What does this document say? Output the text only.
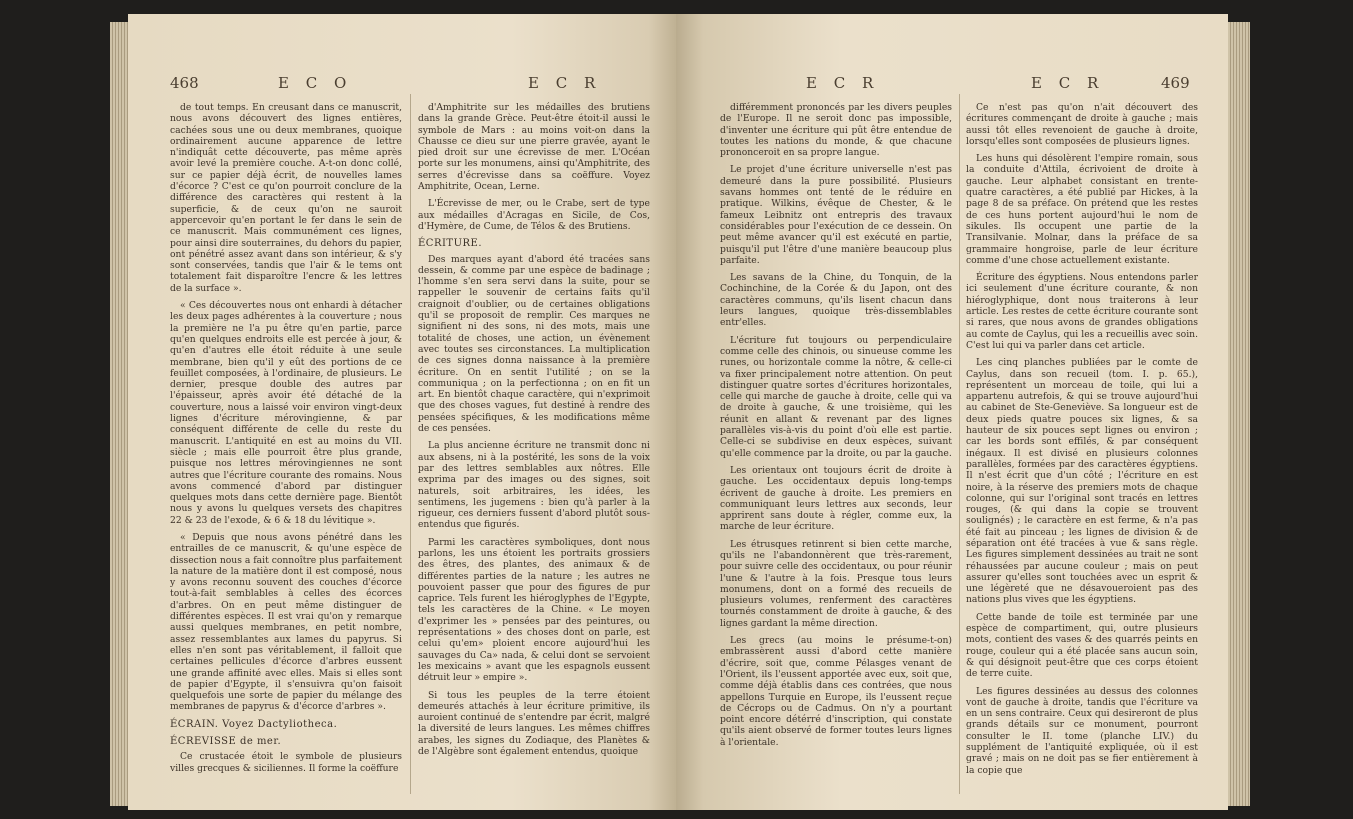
468	E C O	E C R

de tout temps. En creusant dans ce manuscrit, nous avons découvert des lignes entières, cachées sous une ou deux membranes, quoique ordinairement aucune apparence de lettre n'indiquât cette découverte, pas même après avoir levé la première couche. A-t-on donc collé, sur ce papier déjà écrit, de nouvelles lames d'écorce ? C'est ce qu'on pourroit conclure de la différence des caractères qui restent à la superficie, & de ceux qu'on ne sauroit appercevoir qu'en portant le fer dans le sein de ce manuscrit. Mais communément ces lignes, pour ainsi dire souterraines, du dehors du papier, ont pénétré assez avant dans son intérieur, & s'y sont conservées, tandis que l'air & le tems ont totalement fait disparoître l'encre & les lettres de la surface ».

« Ces découvertes nous ont enhardi à détacher les deux pages adhérentes à la couverture ; nous la première ne l'a pu être qu'en partie, parce qu'en quelques endroits elle est percée à jour, & qu'en d'autres elle étoit réduite à une seule membrane, bien qu'il y eût des portions de ce feuillet composées, à l'ordinaire, de plusieurs. Le dernier, presque double des autres par l'épaisseur, après avoir été détaché de la couverture, nous a laissé voir environ vingt-deux lignes d'écriture mérovingienne, & par conséquent différente de celle du reste du manuscrit. L'antiquité en est au moins du VII. siècle ; mais elle pourroit être plus grande, puisque nos lettres mérovingiennes ne sont autres que l'écriture courante des romains. Nous avons commencé d'abord par distinguer quelques mots dans cette dernière page. Bientôt nous y avons lu quelques versets des chapitres 22 & 23 de l'exode, & 6 & 18 du lévitique ».

« Depuis que nous avons pénétré dans les entrailles de ce manuscrit, & qu'une espèce de dissection nous a fait connoître plus parfaitement la nature de la matière dont il est composé, nous y avons reconnu souvent des couches d'écorce tout-à-fait semblables à celles des écorces d'arbres. On en peut même distinguer de différentes espèces. Il est vrai qu'on y remarque aussi quelques membranes, en petit nombre, assez ressemblantes aux lames du papyrus. Si elles n'en sont pas véritablement, il falloit que certaines pellicules d'écorce d'arbres eussent une grande affinité avec elles. Mais si elles sont de papier d'Egypte, il s'ensuivra qu'on faisoit quelquefois une sorte de papier du mélange des membranes de papyrus & d'écorce d'arbres ».

ÉCRAIN. Voyez Dactyliotheca.

ÉCREVISSE de mer.

Ce crustacée étoit le symbole de plusieurs villes grecques & siciliennes. Il forme la coëffure

d'Amphitrite sur les médailles des brutiens dans la grande Grèce. Peut-être étoit-il aussi le symbole de Mars : au moins voit-on dans la Chausse ce dieu sur une pierre gravée, ayant le pied droit sur une écrevisse de mer. L'Océan porte sur les monumens, ainsi qu'Amphitrite, des serres d'écrevisse dans sa coëffure. Voyez Amphitrite, Ocean, Lerne.

L'Écrevisse de mer, ou le Crabe, sert de type aux médailles d'Acragas en Sicile, de Cos, d'Hymère, de Cume, de Télos & des Brutiens.

ÉCRITURE.

Des marques ayant d'abord été tracées sans dessein, & comme par une espèce de badinage ; l'homme s'en sera servi dans la suite, pour se rappeller le souvenir de certains faits qu'il craignoit d'oublier, ou de certaines obligations qu'il se proposoit de remplir. Ces marques ne signifient ni des sons, ni des mots, mais une totalité de choses, une action, un évènement avec toutes ses circonstances. La multiplication de ces signes donna naissance à la première écriture. On en sentit l'utilité ; on se la communiqua ; on la perfectionna ; on en fit un art. En bientôt chaque caractère, qui n'exprimoit que des choses vagues, fut destiné à rendre des pensées spécifiques, & les modifications même de ces pensées.

La plus ancienne écriture ne transmit donc ni aux absens, ni à la postérité, les sons de la voix par des lettres semblables aux nôtres. Elle exprima par des images ou des signes, soit naturels, soit arbitraires, les idées, les sentimens, les jugemens : bien qu'à parler à la rigueur, ces derniers fussent d'abord plutôt sous-entendus que figurés.

Parmi les caractères symboliques, dont nous parlons, les uns étoient les portraits grossiers des êtres, des plantes, des animaux & de différentes parties de la nature ; les autres ne pouvoient passer que pour des figures de pur caprice. Tels furent les hiéroglyphes de l'Egypte, tels les caractères de la Chine. « Le moyen d'exprimer les » pensées par des peintures, ou représentations » des choses dont on parle, est celui qu'em» ploient encore aujourd'hui les sauvages du Ca» nada, & celui dont se servoient les mexicains » avant que les espagnols eussent détruit leur » empire ».

Si tous les peuples de la terre étoient demeurés attachés à leur écriture primitive, ils auroient continué de s'entendre par écrit, malgré la diversité de leurs langues. Les mêmes chiffres arabes, les signes du Zodiaque, des Planètes & de l'Algèbre sont également entendus, quoique

E C R	E C R	469

différemment prononcés par les divers peuples de l'Europe. Il ne seroit donc pas impossible, d'inventer une écriture qui pût être entendue de toutes les nations du monde, & que chacune prononceroit en sa propre langue.

Le projet d'une écriture universelle n'est pas demeuré dans la pure possibilité. Plusieurs savans hommes ont tenté de le réduire en pratique. Wilkins, évêque de Chester, & le fameux Leibnitz ont entrepris des travaux considérables pour l'exécution de ce dessein. On peut même avancer qu'il est exécuté en partie, puisqu'il put l'être d'une manière beaucoup plus parfaite.

Les savans de la Chine, du Tonquin, de la Cochinchine, de la Corée & du Japon, ont des caractères communs, qu'ils lisent chacun dans leurs langues, quoique très-dissemblables entr'elles.

L'écriture fut toujours ou perpendiculaire comme celle des chinois, ou sinueuse comme les runes, ou horizontale comme la nôtre, & celle-ci va fixer principalement notre attention. On peut distinguer quatre sortes d'écritures horizontales, celle qui marche de gauche à droite, celle qui va de droite à gauche, & une troisième, qui les réunit en allant & revenant par des lignes parallèles vis-à-vis du point d'où elle est partie. Celle-ci se subdivise en deux espèces, suivant qu'elle commence par la droite, ou par la gauche.

Les orientaux ont toujours écrit de droite à gauche. Les occidentaux depuis long-temps écrivent de gauche à droite. Les premiers en communiquant leurs lettres aux seconds, leur apprirent sans doute à régler, comme eux, la marche de leur écriture.

Les étrusques retinrent si bien cette marche, qu'ils ne l'abandonnèrent que très-rarement, pour suivre celle des occidentaux, ou pour réunir l'une & l'autre à la fois. Presque tous leurs monumens, dont on a formé des recueils de plusieurs volumes, renferment des caractères tournés constamment de droite à gauche, & des lignes gardant la même direction.

Les grecs (au moins le présume-t-on) embrassèrent aussi d'abord cette manière d'écrire, soit que, comme Pélasges venant de l'Orient, ils l'eussent apportée avec eux, soit que, comme déjà établis dans ces contrées, que nous appellons Turquie en Europe, ils l'eussent reçue de Cécrops ou de Cadmus. On n'y a pourtant point encore détérré d'inscription, qui constate qu'ils aient observé de former toutes leurs lignes à l'orientale.

Ce n'est pas qu'on n'ait découvert des écritures commençant de droite à gauche ; mais aussi tôt elles revenoient de gauche à droite, lorsqu'elles sont composées de plusieurs lignes.

Les huns qui désolèrent l'empire romain, sous la conduite d'Attila, écrivoient de droite à gauche. Leur alphabet consistant en trente-quatre caractères, a été publié par Hickes, à la page 8 de sa préface. On prétend que les restes de ces huns portent aujourd'hui le nom de sikules. Ils occupent une partie de la Transilvanie. Molnar, dans la préface de sa grammaire hongroise, parle de leur écriture comme d'une chose actuellement existante.

Écriture des égyptiens. Nous entendons parler ici seulement d'une écriture courante, & non hiéroglyphique, dont nous traiterons à leur article. Les restes de cette écriture courante sont si rares, que nous avons de grandes obligations au comte de Caylus, qui les a recueillis avec soin. C'est lui qui va parler dans cet article.

Les cinq planches publiées par le comte de Caylus, dans son recueil (tom. I. p. 65.), représentent un morceau de toile, qui lui a appartenu autrefois, & qui se trouve aujourd'hui au cabinet de Ste-Geneviève. Sa longueur est de deux pieds quatre pouces six lignes, & sa hauteur de six pouces sept lignes ou environ ; car les bords sont effilés, & par conséquent inégaux. Il est divisé en plusieurs colonnes parallèles, formées par des caractères égyptiens. Il n'est écrit que d'un côté ; l'écriture en est noire, à la réserve des premiers mots de chaque colonne, qui sur l'original sont tracés en lettres rouges, (& qui dans la copie se trouvent soulignés) ; le caractère en est ferme, & n'a pas été fait au pinceau ; les lignes de division & de séparation ont été tracées à vue & sans règle. Les figures simplement dessinées au trait ne sont réhaussées par aucune couleur ; mais on peut assurer qu'elles sont touchées avec un esprit & une légèreté que ne désavoueroient pas des nations plus vives que les égyptiens.

Cette bande de toile est terminée par une espèce de compartiment, qui, outre plusieurs mots, contient des vases & des quarrés peints en rouge, couleur qui a été placée sans aucun soin, & qui désignoit peut-être que ces corps étoient de terre cuite.

Les figures dessinées au dessus des colonnes vont de gauche à droite, tandis que l'écriture va en un sens contraire. Ceux qui desireront de plus grands détails sur ce monument, pourront consulter le II. tome (planche LIV.) du supplément de l'antiquité expliquée, où il est gravé ; mais on ne doit pas se fier entièrement à la copie que
